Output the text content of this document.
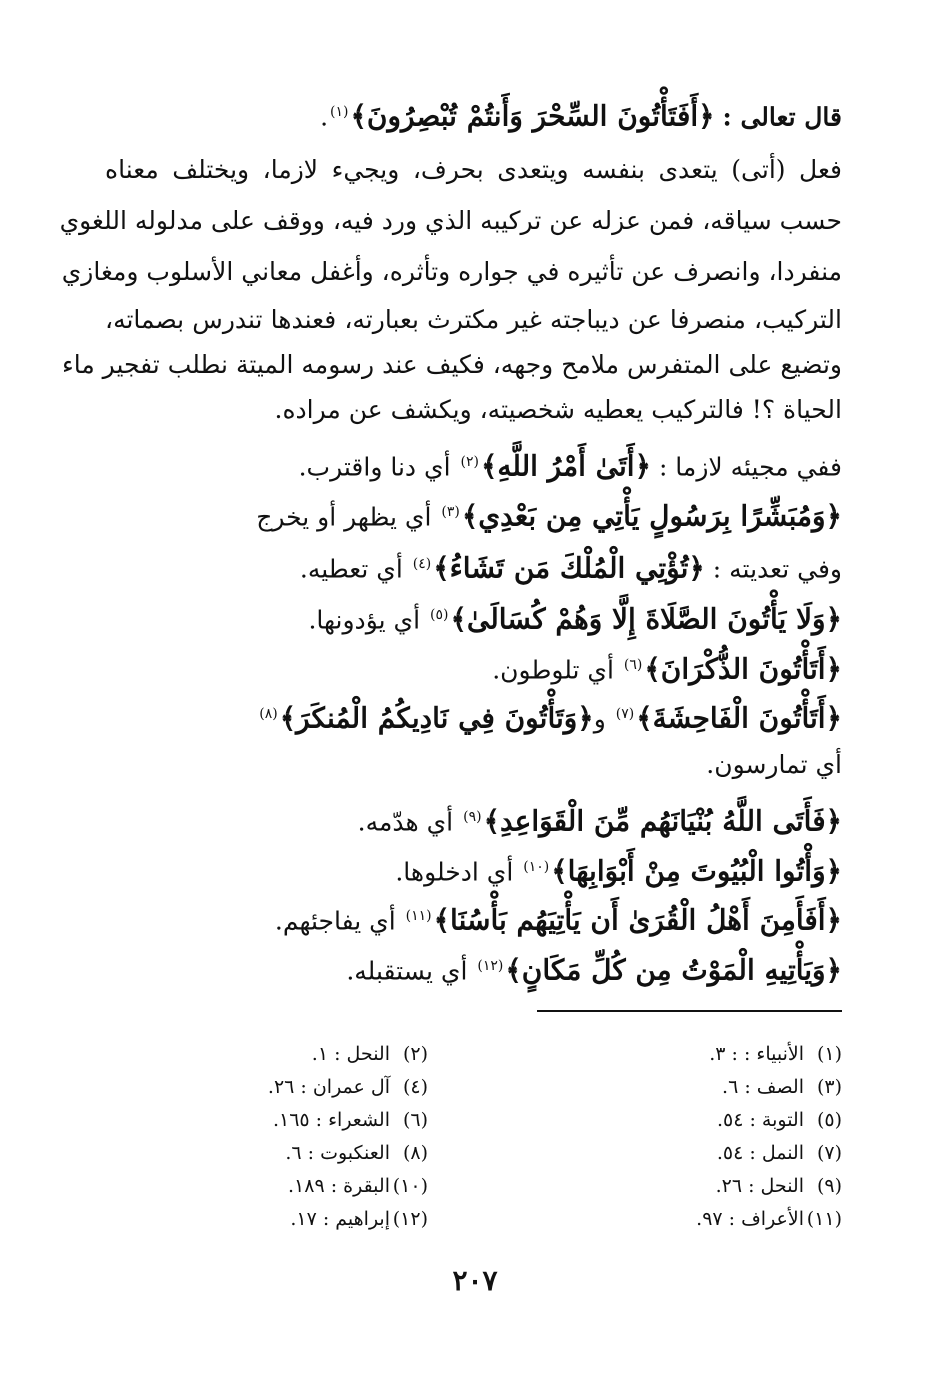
قال تعالى : ﴿أَفَتَأْتُونَ السِّحْرَ وَأَنتُمْ تُبْصِرُونَ﴾$^{(١)}$.
فعل (أتى) يتعدى بنفسه ويتعدى بحرف، ويجيء لازما، ويختلف معناه
حسب سياقه، فمن عزله عن تركيبه الذي ورد فيه، ووقف على مدلوله اللغوي
منفردا، وانصرف عن تأثيره في جواره وتأثره، وأغفل معاني الأسلوب ومغازي
التركيب، منصرفا عن ديباجته غير مكترث بعبارته، فعندها تندرس بصماته،
وتضيع على المتفرس ملامح وجهه، فكيف عند رسومه الميتة نطلب تفجير ماء
الحياة ؟! فالتركيب يعطيه شخصيته، ويكشف عن مراده.
ففي مجيئه لازما : ﴿أَتَىٰ أَمْرُ اللَّهِ﴾$^{(٢)}$ أي دنا واقترب.
﴿وَمُبَشِّرًا بِرَسُولٍ يَأْتِي مِن بَعْدِي﴾$^{(٣)}$ أي يظهر أو يخرج
وفي تعديته : ﴿تُؤْتِي الْمُلْكَ مَن تَشَاءُ﴾$^{(٤)}$ أي تعطيه.
﴿وَلَا يَأْتُونَ الصَّلَاةَ إِلَّا وَهُمْ كُسَالَىٰ﴾$^{(٥)}$ أي يؤدونها.
﴿أَتَأْتُونَ الذُّكْرَانَ﴾$^{(٦)}$ أي تلوطون.
﴿أَتَأْتُونَ الْفَاحِشَةَ﴾$^{(٧)}$ و﴿وَتَأْتُونَ فِي نَادِيكُمُ الْمُنكَرَ﴾$^{(٨)}$
أي تمارسون.
﴿فَأَتَى اللَّهُ بُنْيَانَهُم مِّنَ الْقَوَاعِدِ﴾$^{(٩)}$ أي هدّمه.
﴿وَأْتُوا الْبُيُوتَ مِنْ أَبْوَابِهَا﴾$^{(١٠)}$ أي ادخلوها.
﴿أَفَأَمِنَ أَهْلُ الْقُرَىٰ أَن يَأْتِيَهُم بَأْسُنَا﴾$^{(١١)}$ أي يفاجئهم.
﴿وَيَأْتِيهِ الْمَوْتُ مِن كُلِّ مَكَانٍ﴾$^{(١٢)}$ أي يستقبله.
(١)الأنبياء : : ٣.
(٣)الصف : ٦.
(٥)التوبة : ٥٤.
(٧)النمل : ٥٤.
(٩)النحل : ٢٦.
(١١)الأعراف : ٩٧.
(٢)النحل : ١.
(٤)آل عمران : ٢٦.
(٦)الشعراء : ١٦٥.
(٨)العنكبوت : ٦.
(١٠)البقرة : ١٨٩.
(١٢)إبراهيم : ١٧.
٢٠٧
